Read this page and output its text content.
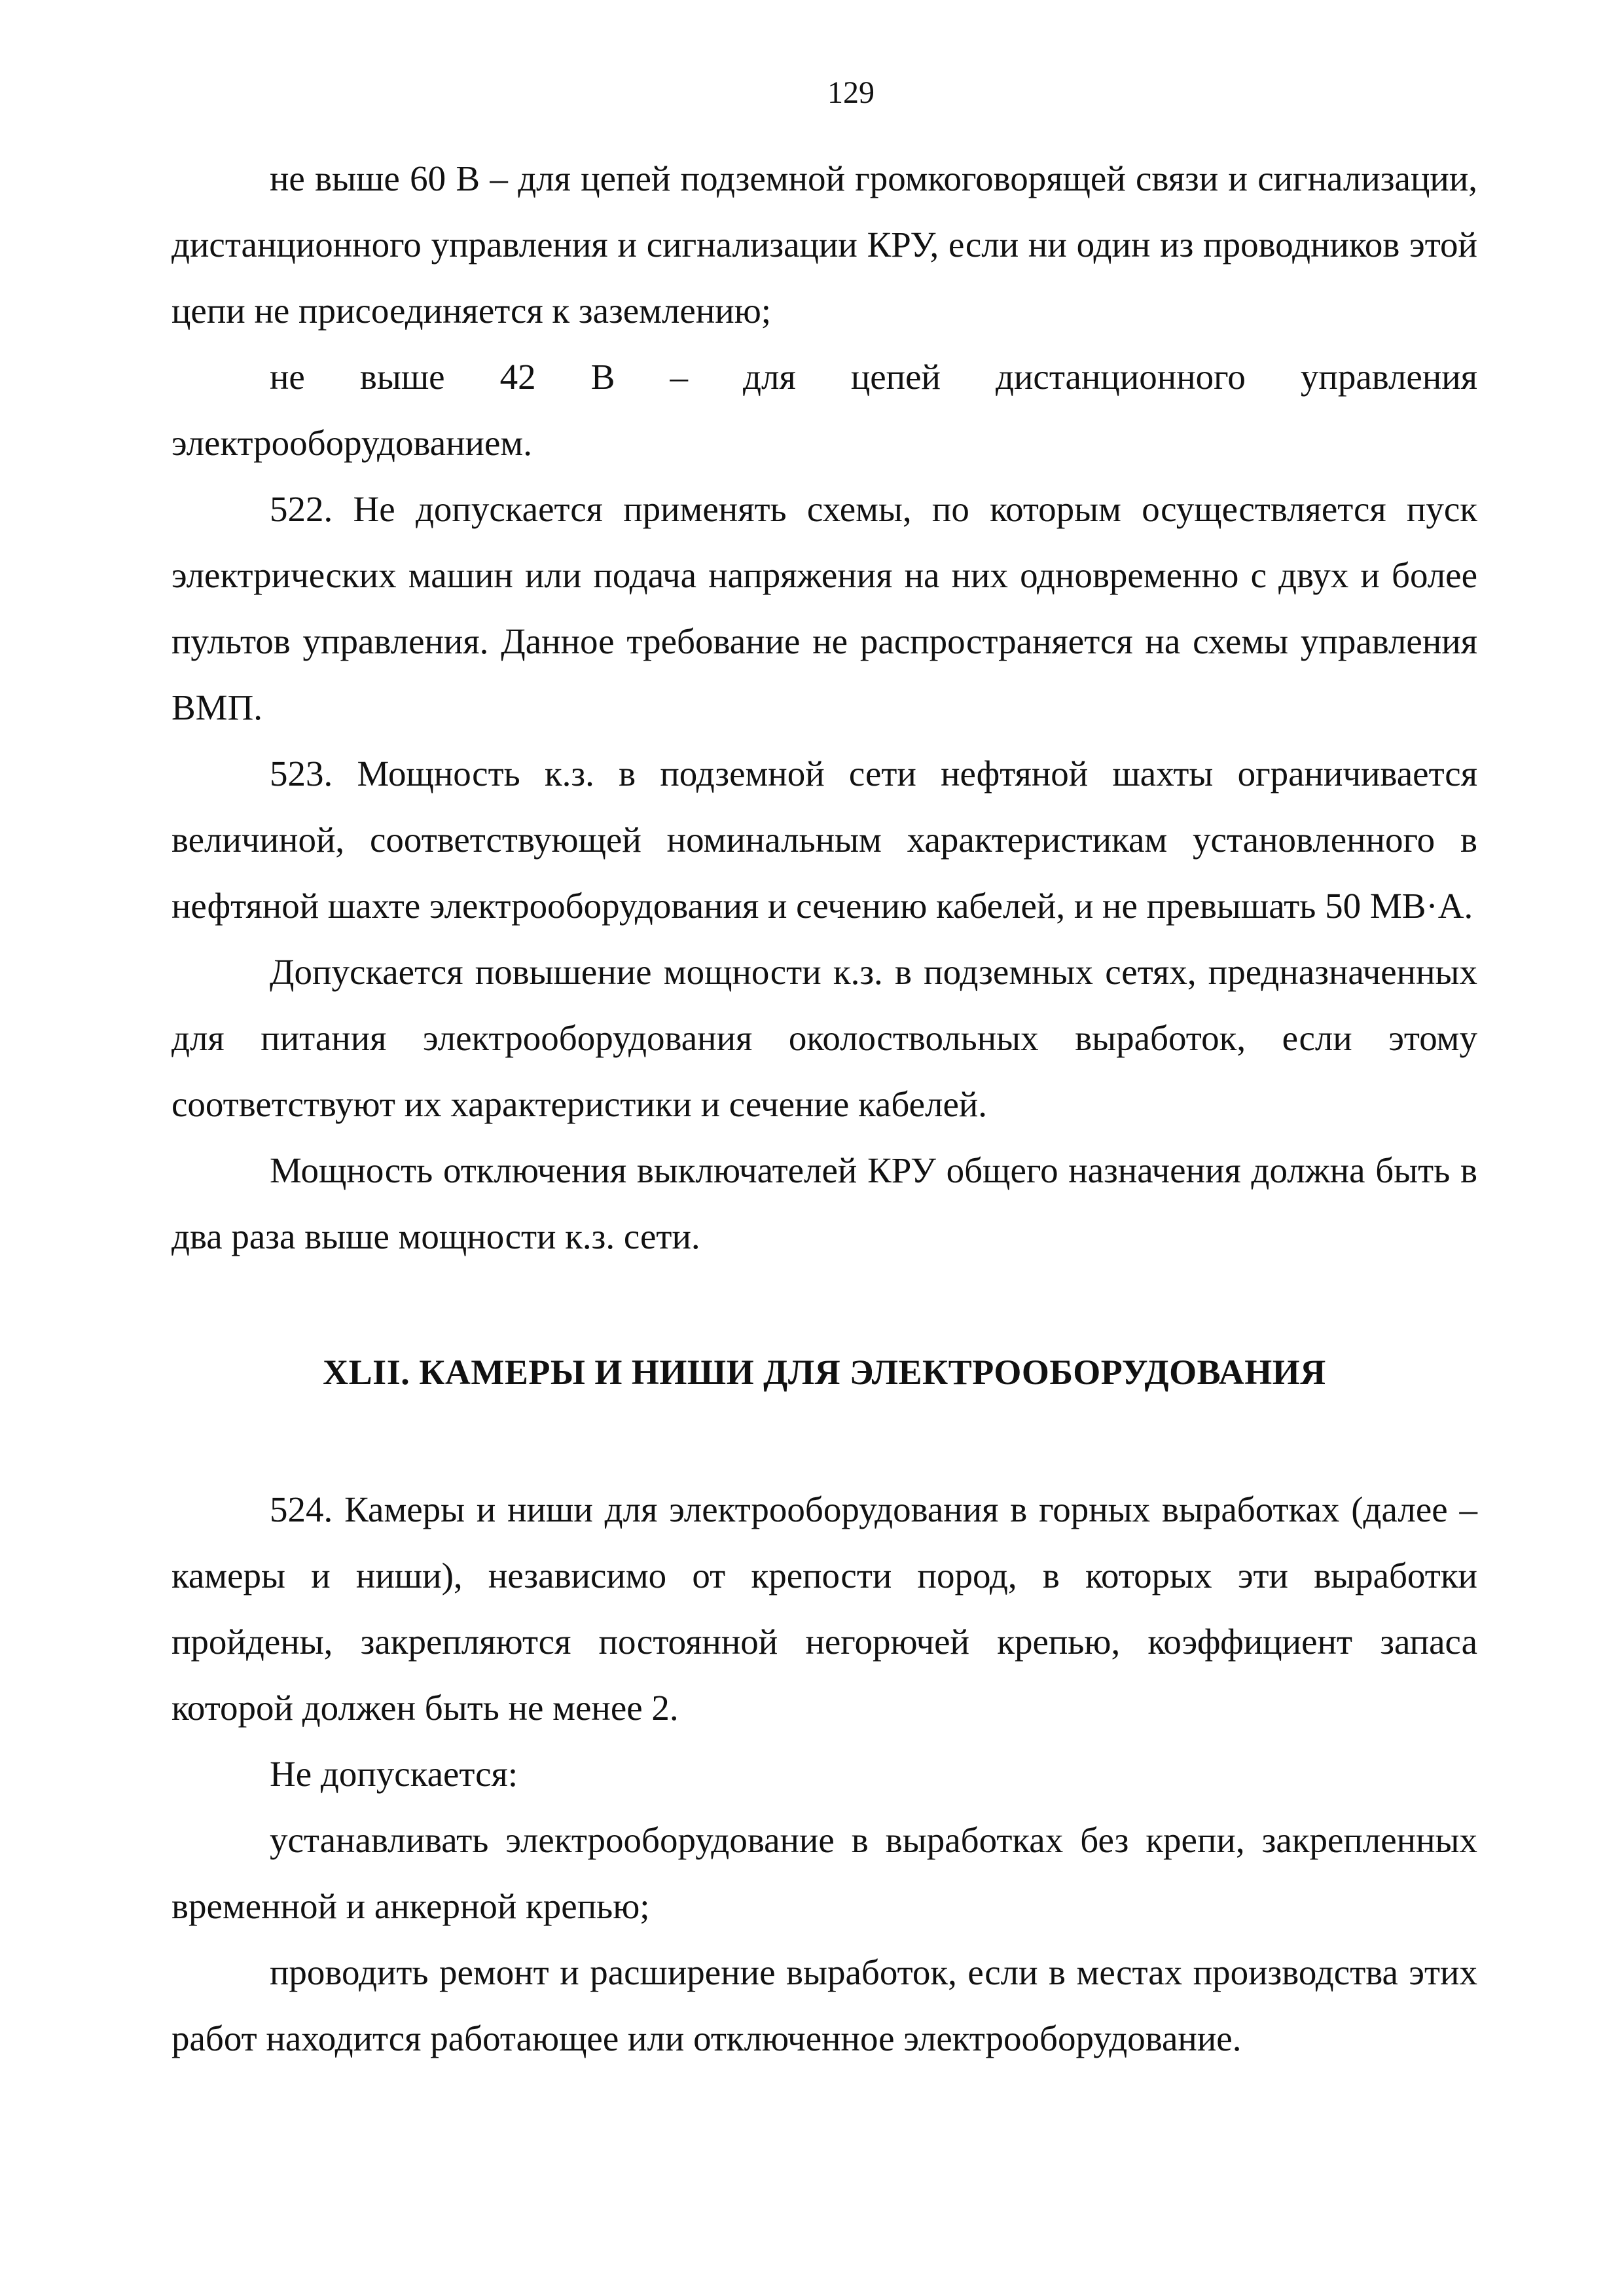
129

не выше 60 В – для цепей подземной громкоговорящей связи и сигнализации, дистанционного управления и сигнализации КРУ, если ни один из проводников этой цепи не присоединяется к заземлению;

не выше 42 В – для цепей дистанционного управления электрооборудованием.

522. Не допускается применять схемы, по которым осуществляется пуск электрических машин или подача напряжения на них одновременно с двух и более пультов управления. Данное требование не распространяется на схемы управления ВМП.

523. Мощность к.з. в подземной сети нефтяной шахты ограничивается величиной, соответствующей номинальным характеристикам установленного в нефтяной шахте электрооборудования и сечению кабелей, и не превышать 50 МВ·А.

Допускается повышение мощности к.з. в подземных сетях, предназначенных для питания электрооборудования околоствольных выработок, если этому соответствуют их характеристики и сечение кабелей.

Мощность отключения выключателей КРУ общего назначения должна быть в два раза выше мощности к.з. сети.

XLII. КАМЕРЫ И НИШИ ДЛЯ ЭЛЕКТРООБОРУДОВАНИЯ

524. Камеры и ниши для электрооборудования в горных выработках (далее – камеры и ниши), независимо от крепости пород, в которых эти выработки пройдены, закрепляются постоянной негорючей крепью, коэффициент запаса которой должен быть не менее 2.

Не допускается:

устанавливать электрооборудование в выработках без крепи, закрепленных временной и анкерной крепью;

проводить ремонт и расширение выработок, если в местах производства этих работ находится работающее или отключенное электрооборудование.
